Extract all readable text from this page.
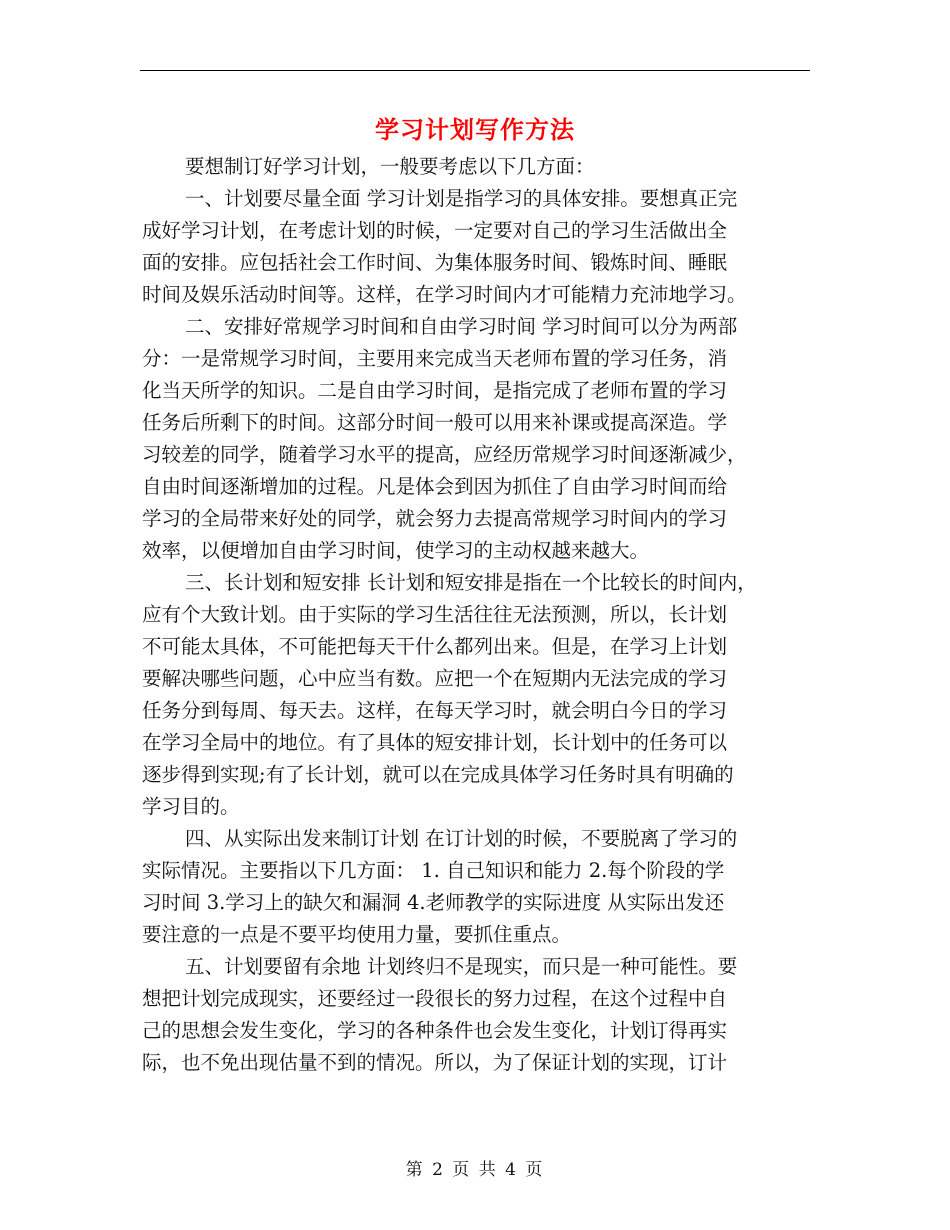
学习计划写作方法

要想制订好学习计划，一般要考虑以下几方面：

一、计划要尽量全面 学习计划是指学习的具体安排。要想真正完

成好学习计划，在考虑计划的时候，一定要对自己的学习生活做出全

面的安排。应包括社会工作时间、为集体服务时间、锻炼时间、睡眠

时间及娱乐活动时间等。这样，在学习时间内才可能精力充沛地学习。

二、安排好常规学习时间和自由学习时间 学习时间可以分为两部

分：一是常规学习时间，主要用来完成当天老师布置的学习任务，消

化当天所学的知识。二是自由学习时间，是指完成了老师布置的学习

任务后所剩下的时间。这部分时间一般可以用来补课或提高深造。学

习较差的同学，随着学习水平的提高，应经历常规学习时间逐渐减少，

自由时间逐渐增加的过程。凡是体会到因为抓住了自由学习时间而给

学习的全局带来好处的同学，就会努力去提高常规学习时间内的学习

效率，以便增加自由学习时间，使学习的主动权越来越大。

三、长计划和短安排 长计划和短安排是指在一个比较长的时间内，

应有个大致计划。由于实际的学习生活往往无法预测，所以，长计划

不可能太具体，不可能把每天干什么都列出来。但是，在学习上计划

要解决哪些问题，心中应当有数。应把一个在短期内无法完成的学习

任务分到每周、每天去。这样，在每天学习时，就会明白今日的学习

在学习全局中的地位。有了具体的短安排计划，长计划中的任务可以

逐步得到实现;有了长计划，就可以在完成具体学习任务时具有明确的

学习目的。

四、从实际出发来制订计划 在订计划的时候，不要脱离了学习的

实际情况。主要指以下几方面： 1. 自己知识和能力 2.每个阶段的学

习时间 3.学习上的缺欠和漏洞 4.老师教学的实际进度 从实际出发还

要注意的一点是不要平均使用力量，要抓住重点。

五、计划要留有余地 计划终归不是现实，而只是一种可能性。要

想把计划完成现实，还要经过一段很长的努力过程，在这个过程中自

己的思想会发生变化，学习的各种条件也会发生变化，计划订得再实

际，也不免出现估量不到的情况。所以，为了保证计划的实现，订计

第 2 页 共 4 页
